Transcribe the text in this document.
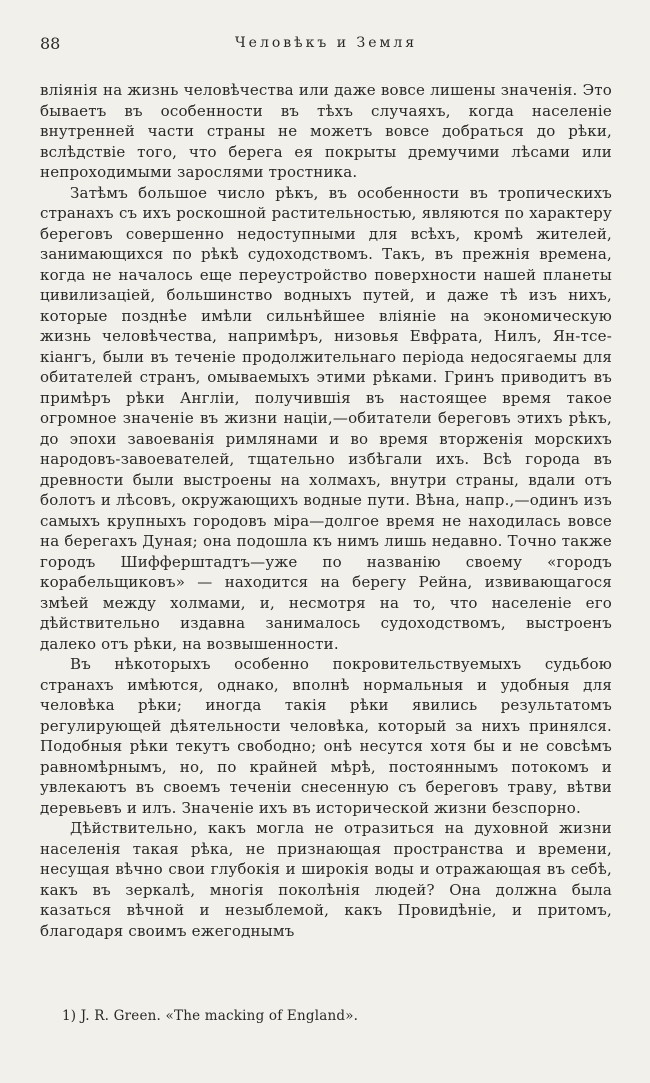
88	Человѣкъ и Земля

вліянія на жизнь человѣчества или даже вовсе лишены значенія. Это бываетъ въ особенности въ тѣхъ случаяхъ, когда населеніе внутренней части страны не можетъ вовсе добраться до рѣки, вслѣдствіе того, что берега ея покрыты дремучими лѣсами или непроходимыми зарослями тростника.

Затѣмъ большое число рѣкъ, въ особенности въ тропическихъ странахъ съ ихъ роскошной растительностью, являются по характеру береговъ совершенно недоступными для всѣхъ, кромѣ жителей, занимающихся по рѣкѣ судоходствомъ. Такъ, въ прежнія времена, когда не началось еще переустройство поверхности нашей планеты цивилизаціей, большинство водныхъ путей, и даже тѣ изъ нихъ, которые позднѣе имѣли сильнѣйшее вліяніе на экономическую жизнь человѣчества, напримѣръ, низовья Евфрата, Нилъ, Ян-тсе-кіангъ, были въ теченіе продолжительнаго періода недосягаемы для обитателей странъ, омываемыхъ этими рѣками. Гринъ приводитъ въ примѣръ рѣки Англіи, получившія въ настоящее время такое огромное значеніе въ жизни націи,—обитатели береговъ этихъ рѣкъ, до эпохи завоеванія римлянами и во время вторженія морскихъ народовъ-завоевателей, тщательно избѣгали ихъ. Всѣ города въ древности были выстроены на холмахъ, внутри страны, вдали отъ болотъ и лѣсовъ, окружающихъ водные пути. Вѣна, напр.,—одинъ изъ самыхъ крупныхъ городовъ міра—долгое время не находилась вовсе на берегахъ Дуная; она подошла къ нимъ лишь недавно. Точно также городъ Шифферштадтъ—уже по названію своему «городъ корабельщиковъ» — находится на берегу Рейна, извивающагося змѣей между холмами, и, несмотря на то, что населеніе его дѣйствительно издавна занималось судоходствомъ, выстроенъ далеко отъ рѣки, на возвышенности.

Въ нѣкоторыхъ особенно покровительствуемыхъ судьбою странахъ имѣются, однако, вполнѣ нормальныя и удобныя для человѣка рѣки; иногда такія рѣки явились результатомъ регулирующей дѣятельности человѣка, который за нихъ принялся. Подобныя рѣки текутъ свободно; онѣ несутся хотя бы и не совсѣмъ равномѣрнымъ, но, по крайней мѣрѣ, постояннымъ потокомъ и увлекаютъ въ своемъ теченіи снесенную съ береговъ траву, вѣтви деревьевъ и илъ. Значеніе ихъ въ исторической жизни безспорно.

Дѣйствительно, какъ могла не отразиться на духовной жизни населенія такая рѣка, не признающая пространства и времени, несущая вѣчно свои глубокія и широкія воды и отражающая въ себѣ, какъ въ зеркалѣ, многія поколѣнія людей? Она должна была казаться вѣчной и незыблемой, какъ Провидѣніе, и притомъ, благодаря своимъ ежегоднымъ

1) J. R. Green. «The macking of England».
